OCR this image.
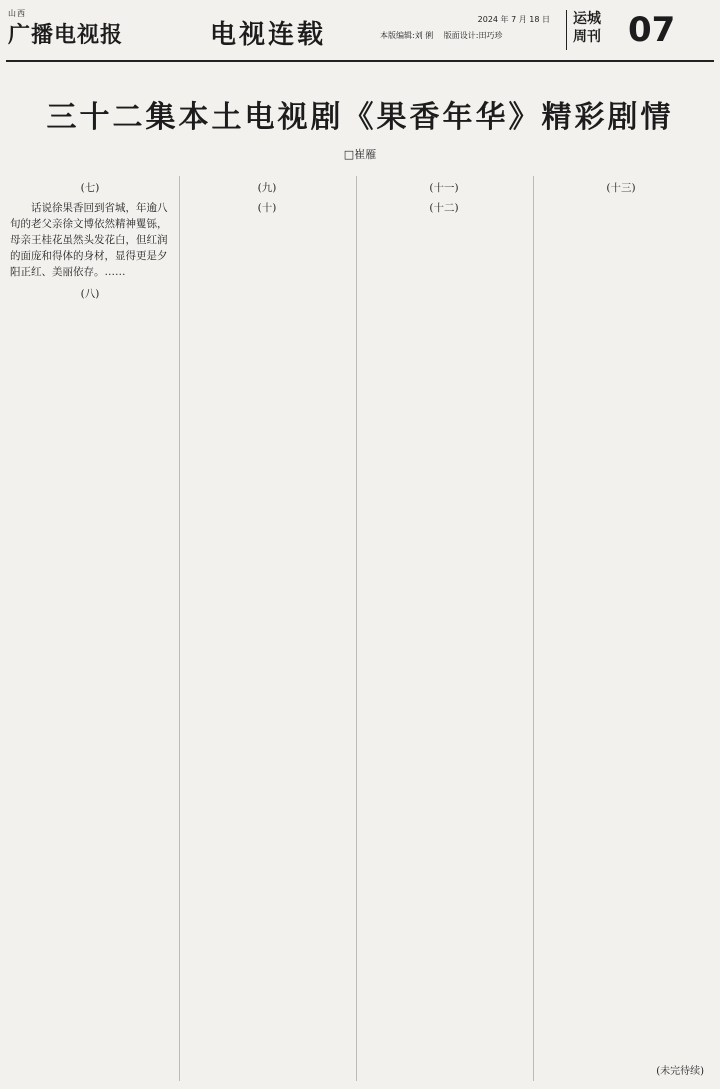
山西
广播电视报	电视连载
2024 年 7 月 18 日
本版编辑:刘 俐 版面设计:田巧珍
运城
周刊 07
三十二集本土电视剧《果香年华》精彩剧情
□崔雁
(七)

话说徐果香回到省城，年逾八旬的老父亲徐文博依然精神矍铄，母亲王桂花虽然头发花白，但红润的面庞和得体的身材，显得更是夕阳正红、美丽依存。……

(八)
(九)
(十)
(十一)
(十二)
(十三)
(未完待续)
